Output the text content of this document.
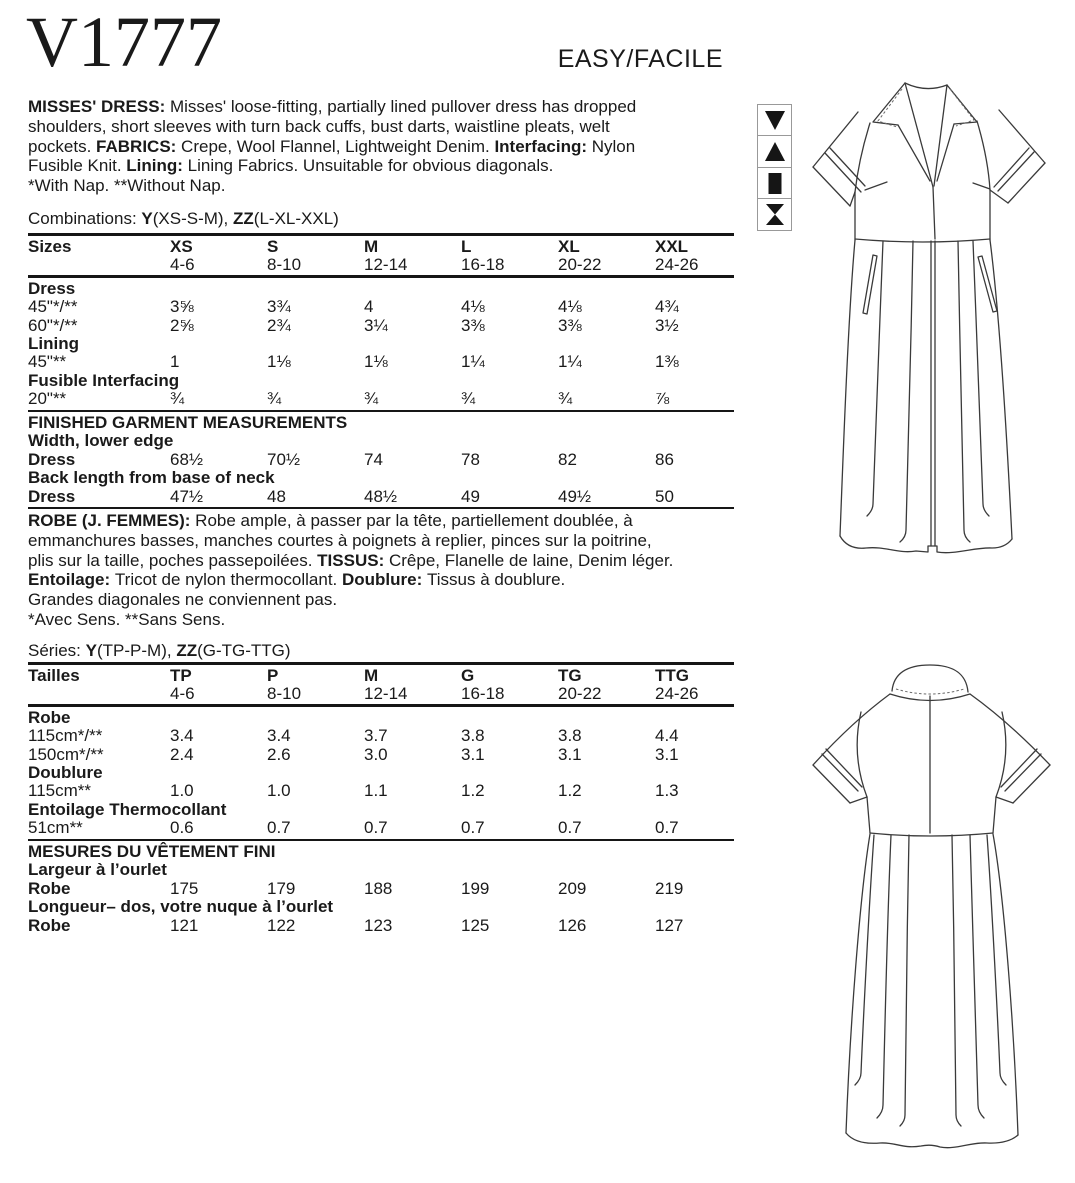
V1777	EASY/FACILE
MISSES' DRESS: Misses' loose-fitting, partially lined pullover dress has dropped
shoulders, short sleeves with turn back cuffs, bust darts, waistline pleats, welt
pockets. FABRICS: Crepe, Wool Flannel, Lightweight Denim. Interfacing: Nylon
Fusible Knit. Lining: Lining Fabrics. Unsuitable for obvious diagonals.
*With Nap. **Without Nap.
Combinations: Y(XS-S-M), ZZ(L-XL-XXL)
Sizes	XS	S	M	L	XL	XXL
4-6	8-10	12-14	16-18	20-22	24-26
Dress
45"*/**	3⅝	3¾	4	4⅛	4⅛	4¾
60"*/**	2⅝	2¾	3¼	3⅜	3⅜	3½
Lining
45"**	1	1⅛	1⅛	1¼	1¼	1⅜
Fusible Interfacing
20"**	¾	¾	¾	¾	¾	⅞
FINISHED GARMENT MEASUREMENTS
Width, lower edge
Dress	68½	70½	74	78	82	86
Back length from base of neck
Dress	47½	48	48½	49	49½	50
ROBE (J. FEMMES): Robe ample, à passer par la tête, partiellement doublée, à
emmanchures basses, manches courtes à poignets à replier, pinces sur la poitrine,
plis sur la taille, poches passepoilées. TISSUS: Crêpe, Flanelle de laine, Denim léger.
Entoilage: Tricot de nylon thermocollant. Doublure: Tissus à doublure.
Grandes diagonales ne conviennent pas.
*Avec Sens. **Sans Sens.
Séries: Y(TP-P-M), ZZ(G-TG-TTG)
Tailles	TP	P	M	G	TG	TTG
4-6	8-10	12-14	16-18	20-22	24-26
Robe
115cm*/**	3.4	3.4	3.7	3.8	3.8	4.4
150cm*/**	2.4	2.6	3.0	3.1	3.1	3.1
Doublure
115cm**	1.0	1.0	1.1	1.2	1.2	1.3
Entoilage Thermocollant
51cm**	0.6	0.7	0.7	0.7	0.7	0.7
MESURES DU VÊTEMENT FINI
Largeur à l’ourlet
Robe	175	179	188	199	209	219
Longueur– dos, votre nuque à l’ourlet
Robe	121	122	123	125	126	127
